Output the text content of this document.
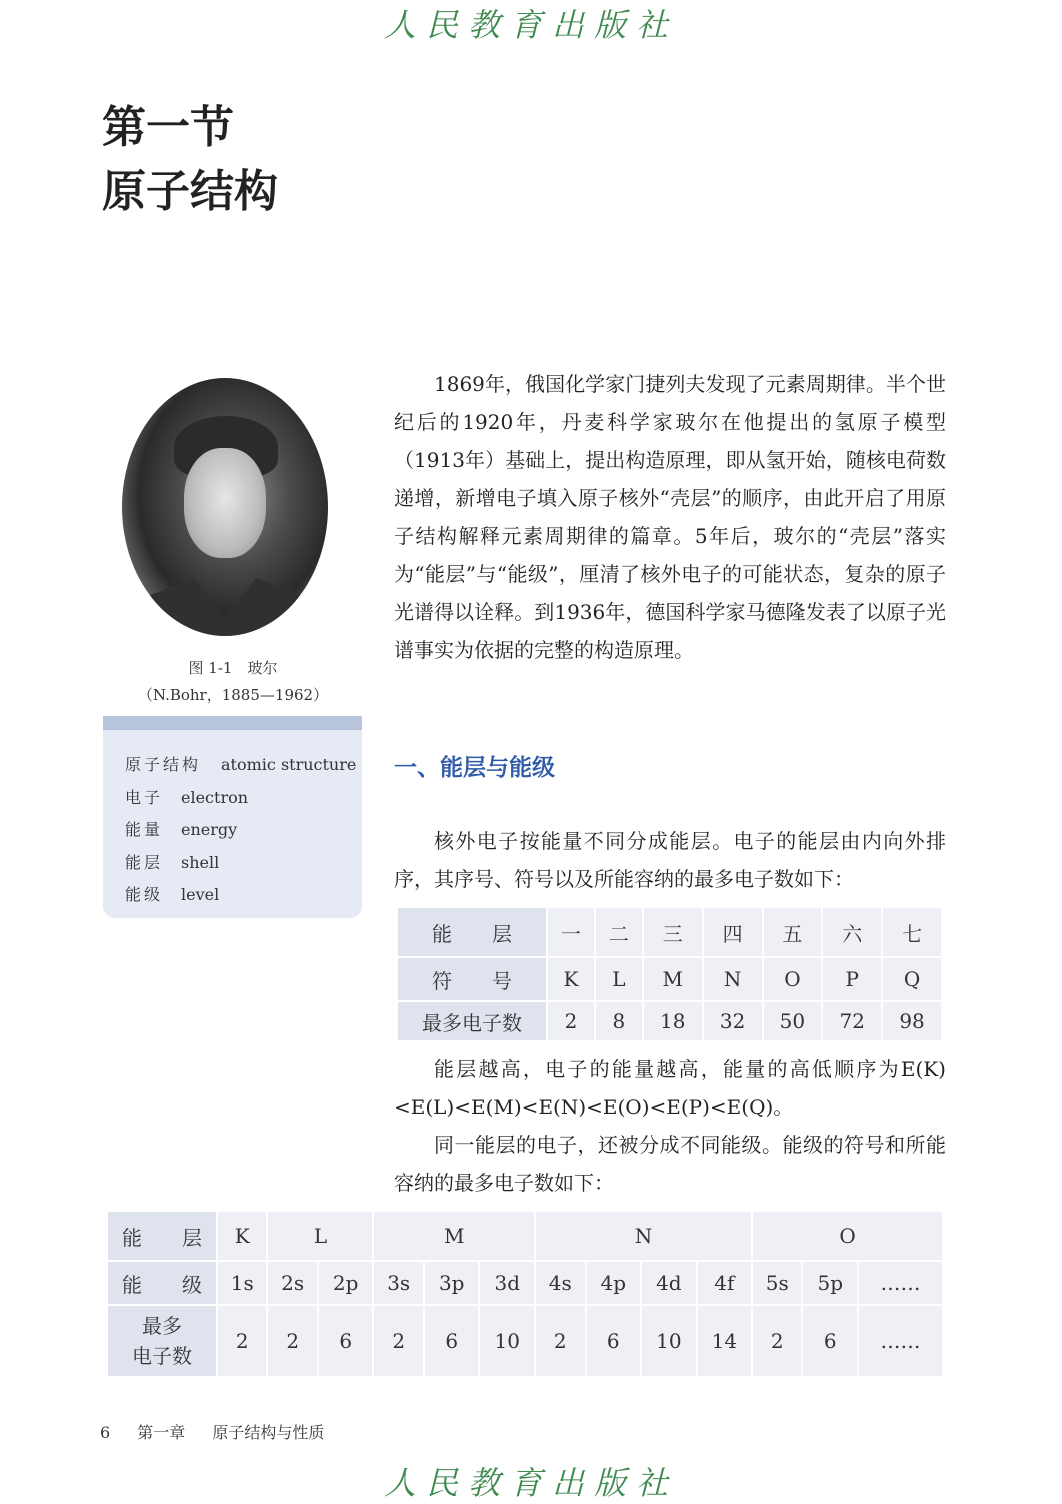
人民教育出版社
第一节
原子结构
图 1-1　玻尔
（N.Bohr，1885—1962）
原子结构 atomic structure
电子 electron
能量 energy
能层 shell
能级 level

1869年，俄国化学家门捷列夫发现了元素周期律。半个世纪后的1920年，丹麦科学家玻尔在他提出的氢原子模型（1913年）基础上，提出构造原理，即从氢开始，随核电荷数递增，新增电子填入原子核外“壳层”的顺序，由此开启了用原子结构解释元素周期律的篇章。5年后，玻尔的“壳层”落实为“能层”与“能级”，厘清了核外电子的可能状态，复杂的原子光谱得以诠释。到1936年，德国科学家马德隆发表了以原子光谱事实为依据的完整的构造原理。

一、能层与能级

核外电子按能量不同分成能层。电子的能层由内向外排序，其序号、符号以及所能容纳的最多电子数如下：

能　　层	一	二	三	四	五	六	七
符　　号	K	L	M	N	O	P	Q
最多电子数	2	8	18	32	50	72	98

能层越高，电子的能量越高，能量的高低顺序为E(K)<E(L)<E(M)<E(N)<E(O)<E(P)<E(Q)。

同一能层的电子，还被分成不同能级。能级的符号和所能容纳的最多电子数如下：

能　　层	K	L		M			N				O		
能　　级	1s	2s	2p	3s	3p	3d	4s	4p	4d	4f	5s	5p	……

最多
电子数	2	2	6	2	6	10	2	6	10	14	2	6	……
6 第一章 原子结构与性质
人民教育出版社
